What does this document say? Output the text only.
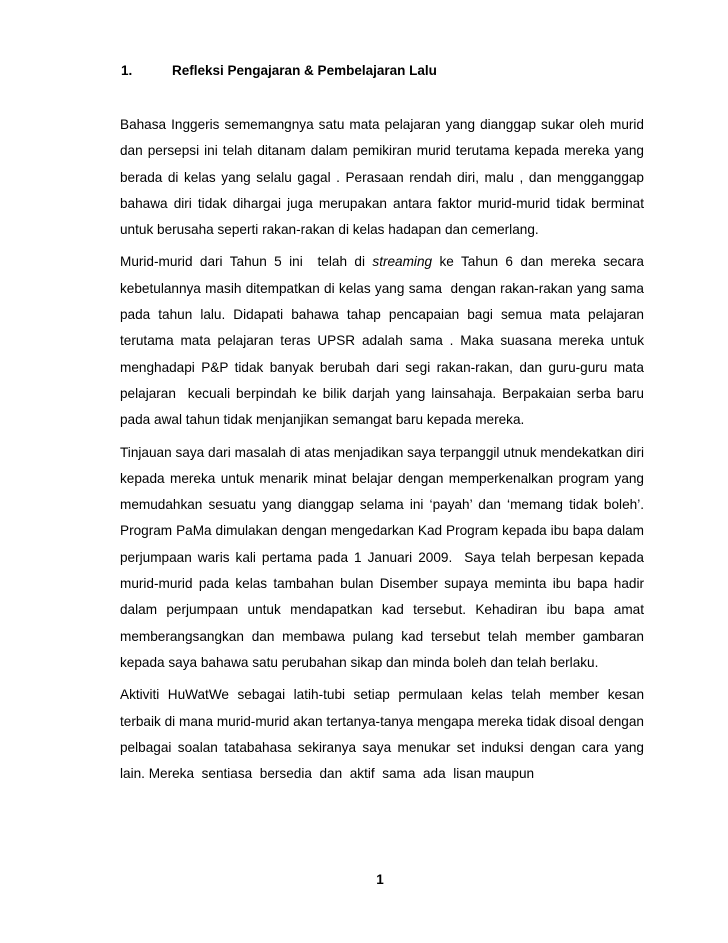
1.	Refleksi Pengajaran & Pembelajaran Lalu

Bahasa Inggeris sememangnya satu mata pelajaran yang dianggap sukar oleh murid dan persepsi ini telah ditanam dalam pemikiran murid terutama kepada mereka yang berada di kelas yang selalu gagal . Perasaan rendah diri, malu , dan mengganggap bahawa diri tidak dihargai juga merupakan antara faktor murid-murid tidak berminat untuk berusaha seperti rakan-rakan di kelas hadapan dan cemerlang.

Murid-murid dari Tahun 5 ini  telah di streaming ke Tahun 6 dan mereka secara kebetulannya masih ditempatkan di kelas yang sama  dengan rakan-rakan yang sama pada tahun lalu. Didapati bahawa tahap pencapaian bagi semua mata pelajaran terutama mata pelajaran teras UPSR adalah sama . Maka suasana mereka untuk menghadapi P&P tidak banyak berubah dari segi rakan-rakan, dan guru-guru mata pelajaran  kecuali berpindah ke bilik darjah yang lainsahaja. Berpakaian serba baru pada awal tahun tidak menjanjikan semangat baru kepada mereka.

Tinjauan saya dari masalah di atas menjadikan saya terpanggil utnuk mendekatkan diri kepada mereka untuk menarik minat belajar dengan memperkenalkan program yang memudahkan sesuatu yang dianggap selama ini ‘payah’ dan ‘memang tidak boleh’.    Program PaMa dimulakan dengan mengedarkan Kad Program kepada ibu bapa dalam perjumpaan waris kali pertama pada 1 Januari 2009.  Saya telah berpesan kepada murid-murid pada kelas tambahan bulan Disember supaya meminta ibu bapa hadir dalam perjumpaan untuk mendapatkan kad tersebut. Kehadiran ibu bapa amat memberangsangkan dan membawa pulang kad tersebut telah member gambaran kepada saya bahawa satu perubahan sikap dan minda boleh dan telah berlaku.

Aktiviti HuWatWe sebagai latih-tubi setiap permulaan kelas telah member kesan terbaik di mana murid-murid akan tertanya-tanya mengapa mereka tidak disoal dengan pelbagai soalan tatabahasa sekiranya saya menukar set induksi dengan cara yang lain. Mereka  sentiasa  bersedia  dan  aktif  sama  ada  lisan maupun

1
